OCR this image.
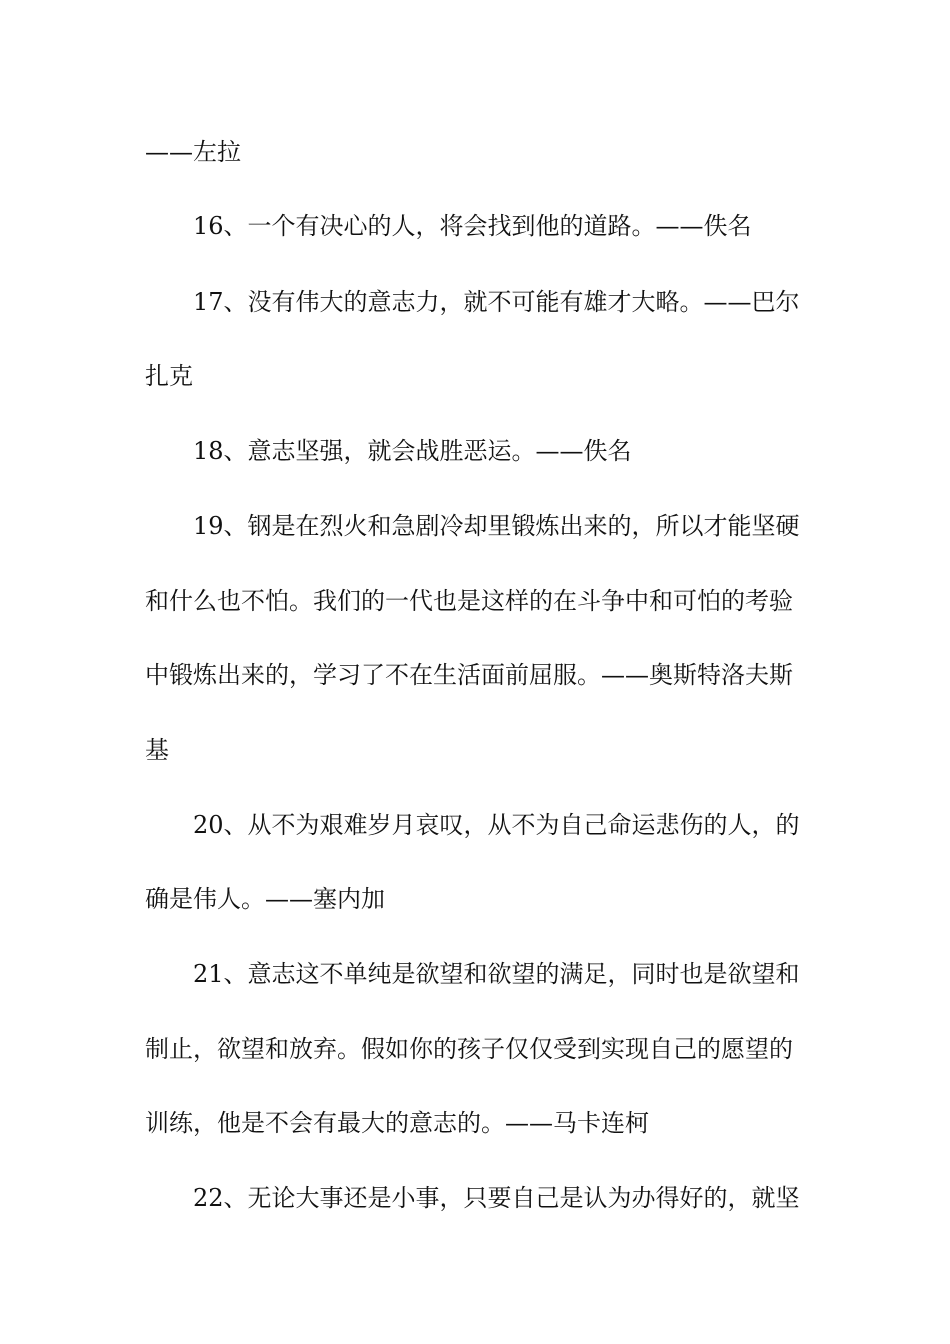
——左拉
16、一个有决心的人，将会找到他的道路。——佚名
17、没有伟大的意志力，就不可能有雄才大略。——巴尔
扎克
18、意志坚强，就会战胜恶运。——佚名
19、钢是在烈火和急剧冷却里锻炼出来的，所以才能坚硬
和什么也不怕。我们的一代也是这样的在斗争中和可怕的考验
中锻炼出来的，学习了不在生活面前屈服。——奥斯特洛夫斯
基
20、从不为艰难岁月哀叹，从不为自己命运悲伤的人，的
确是伟人。——塞内加
21、意志这不单纯是欲望和欲望的满足，同时也是欲望和
制止，欲望和放弃。假如你的孩子仅仅受到实现自己的愿望的
训练，他是不会有最大的意志的。——马卡连柯
22、无论大事还是小事，只要自己是认为办得好的，就坚
